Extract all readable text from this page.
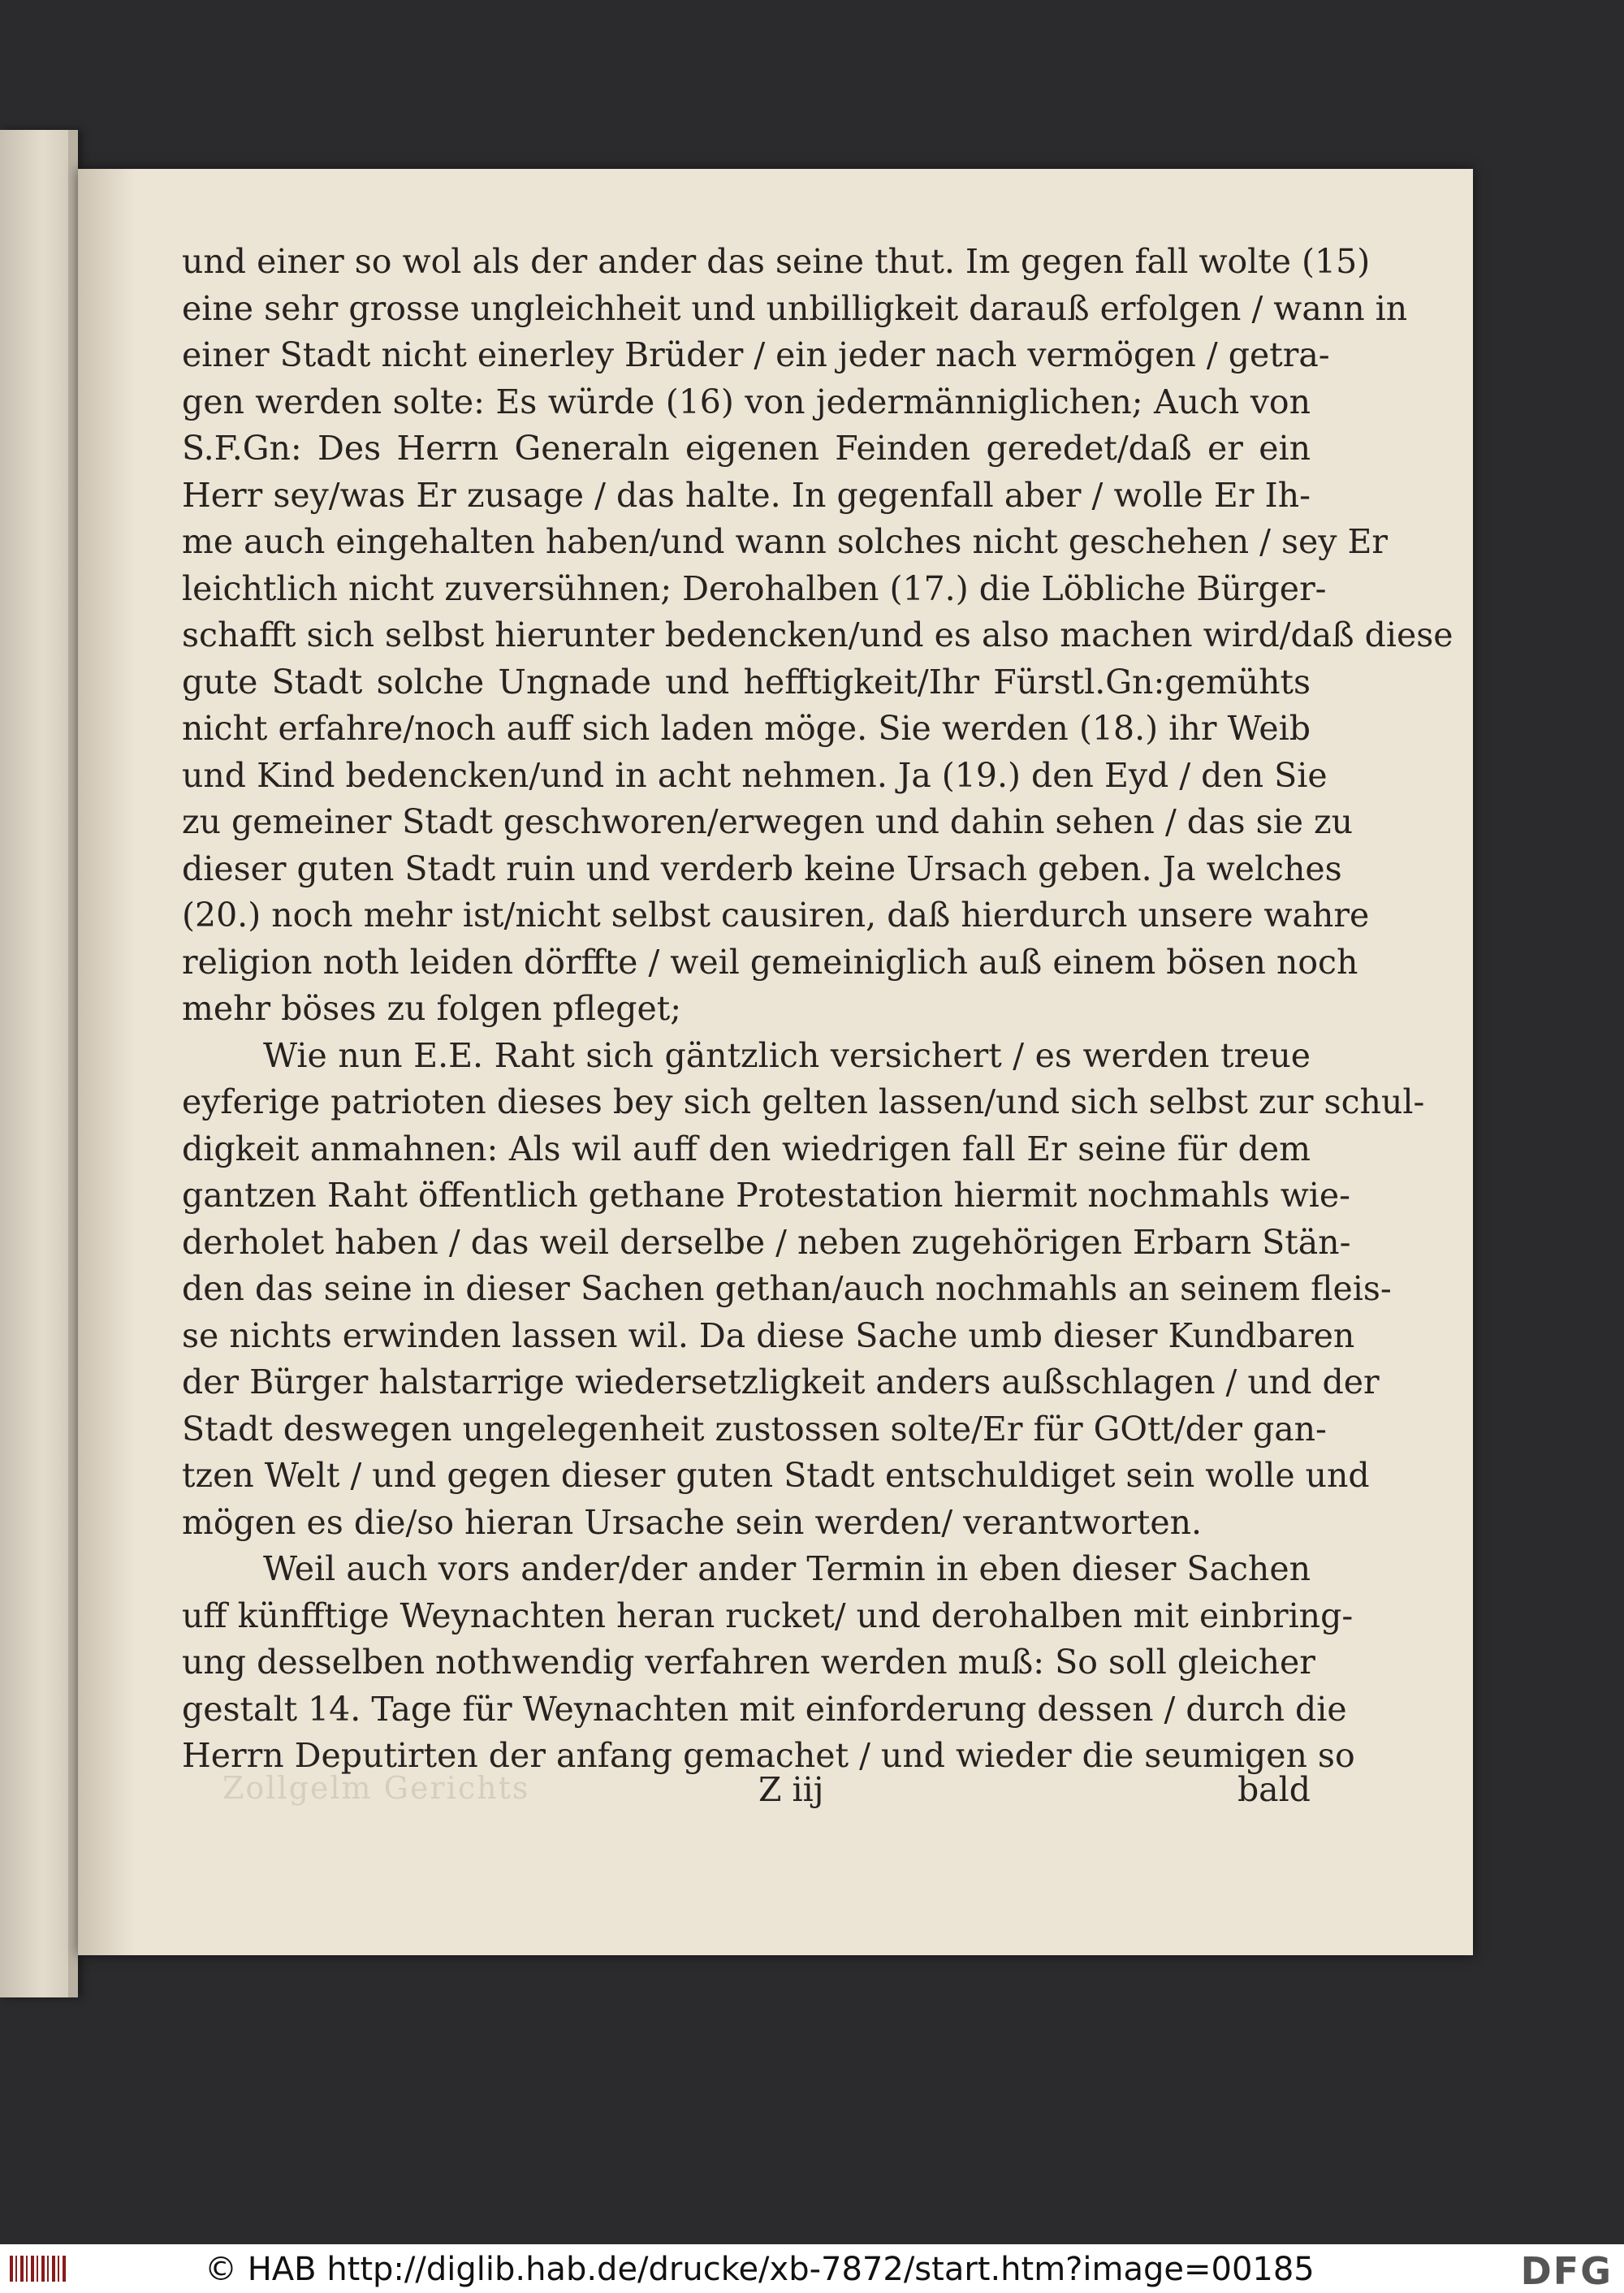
und einer so wol als der ander das seine thut. Im gegen fall wolte (15)
eine sehr grosse ungleichheit und unbilligkeit darauß erfolgen / wann in
einer Stadt nicht einerley Brüder / ein jeder nach vermögen / getra-
gen werden solte: Es würde (16) von jedermänniglichen; Auch von
S.F.Gn: Des Herrn Generaln eigenen Feinden geredet/daß er ein
Herr sey/was Er zusage / das halte. In gegenfall aber / wolle Er Ih-
me auch eingehalten haben/und wann solches nicht geschehen / sey Er
leichtlich nicht zuversühnen; Derohalben (17.) die Löbliche Bürger-
schafft sich selbst hierunter bedencken/und es also machen wird/daß diese
gute Stadt solche Ungnade und hefftigkeit/Ihr Fürstl.Gn:gemühts
nicht erfahre/noch auff sich laden möge. Sie werden (18.) ihr Weib
und Kind bedencken/und in acht nehmen. Ja (19.) den Eyd / den Sie
zu gemeiner Stadt geschworen/erwegen und dahin sehen / das sie zu
dieser guten Stadt ruin und verderb keine Ursach geben. Ja welches
(20.) noch mehr ist/nicht selbst causiren, daß hierdurch unsere wahre
religion noth leiden dörffte / weil gemeiniglich auß einem bösen noch
mehr böses zu folgen pfleget;
Wie nun E.E. Raht sich gäntzlich versichert / es werden treue
eyferige patrioten dieses bey sich gelten lassen/und sich selbst zur schul-
digkeit anmahnen: Als wil auff den wiedrigen fall Er seine für dem
gantzen Raht öffentlich gethane Protestation hiermit nochmahls wie-
derholet haben / das weil derselbe / neben zugehörigen Erbarn Stän-
den das seine in dieser Sachen gethan/auch nochmahls an seinem fleis-
se nichts erwinden lassen wil. Da diese Sache umb dieser Kundbaren
der Bürger halstarrige wiedersetzligkeit anders außschlagen / und der
Stadt deswegen ungelegenheit zustossen solte/Er für GOtt/der gan-
tzen Welt / und gegen dieser guten Stadt entschuldiget sein wolle und
mögen es die/so hieran Ursache sein werden/ verantworten.
Weil auch vors ander/der ander Termin in eben dieser Sachen
uff künfftige Weynachten heran rucket/ und derohalben mit einbring-
ung desselben nothwendig verfahren werden muß: So soll gleicher
gestalt 14. Tage für Weynachten mit einforderung dessen / durch die
Herrn Deputirten der anfang gemachet / und wieder die seumigen so
Zollgelm Gerichts	Z iij	bald
© HAB http://diglib.hab.de/drucke/xb-7872/start.htm?image=00185	DFG
